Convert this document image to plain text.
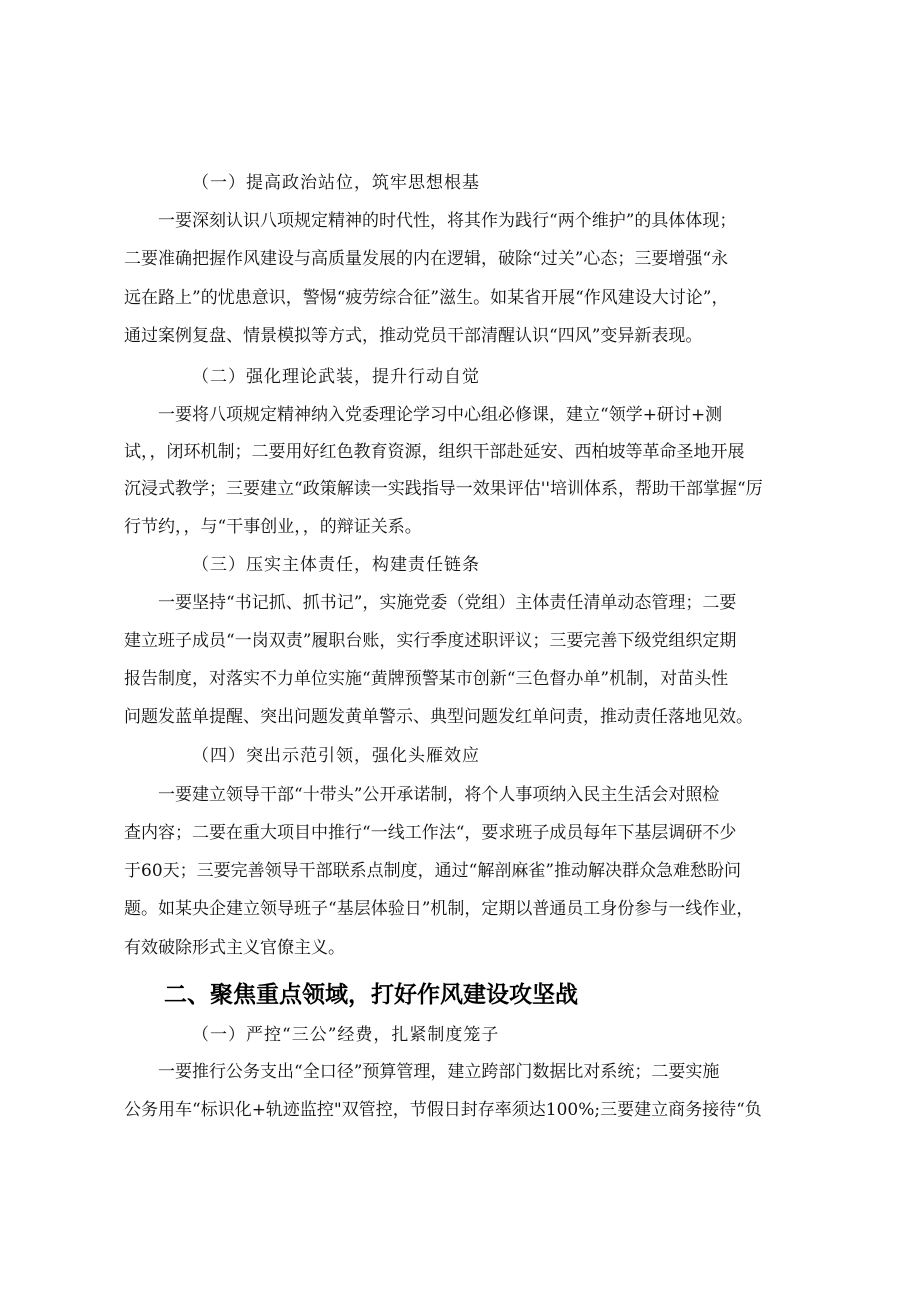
（一）提高政治站位，筑牢思想根基
一要深刻认识八项规定精神的时代性，将其作为践行“两个维护”的具体体现；
二要准确把握作风建设与高质量发展的内在逻辑，破除“过关”心态；三要增强“永
远在路上”的忧患意识，警惕“疲劳综合征”滋生。如某省开展“作风建设大讨论”，
通过案例复盘、情景模拟等方式，推动党员干部清醒认识“四风”变异新表现。
（二）强化理论武装，提升行动自觉
一要将八项规定精神纳入党委理论学习中心组必修课，建立“领学+研讨+测
试，，闭环机制；二要用好红色教育资源，组织干部赴延安、西柏坡等革命圣地开展
沉浸式教学；三要建立“政策解读一实践指导一效果评估''培训体系，帮助干部掌握“厉
行节约，，与“干事创业，，的辩证关系。
（三）压实主体责任，构建责任链条
一要坚持“书记抓、抓书记”，实施党委（党组）主体责任清单动态管理；二要
建立班子成员“一岗双责”履职台账，实行季度述职评议；三要完善下级党组织定期
报告制度，对落实不力单位实施“黄牌预警某市创新“三色督办单”机制，对苗头性
问题发蓝单提醒、突出问题发黄单警示、典型问题发红单问责，推动责任落地见效。
（四）突出示范引领，强化头雁效应
一要建立领导干部“十带头”公开承诺制，将个人事项纳入民主生活会对照检
查内容；二要在重大项目中推行“一线工作法“，要求班子成员每年下基层调研不少
于60天；三要完善领导干部联系点制度，通过“解剖麻雀”推动解决群众急难愁盼问
题。如某央企建立领导班子“基层体验日”机制，定期以普通员工身份参与一线作业，
有效破除形式主义官僚主义。
二、聚焦重点领域，打好作风建设攻坚战
（一）严控“三公”经费，扎紧制度笼子
一要推行公务支出“全口径”预算管理，建立跨部门数据比对系统；二要实施
公务用车“标识化+轨迹监控"双管控，节假日封存率须达100%;三要建立商务接待“负
